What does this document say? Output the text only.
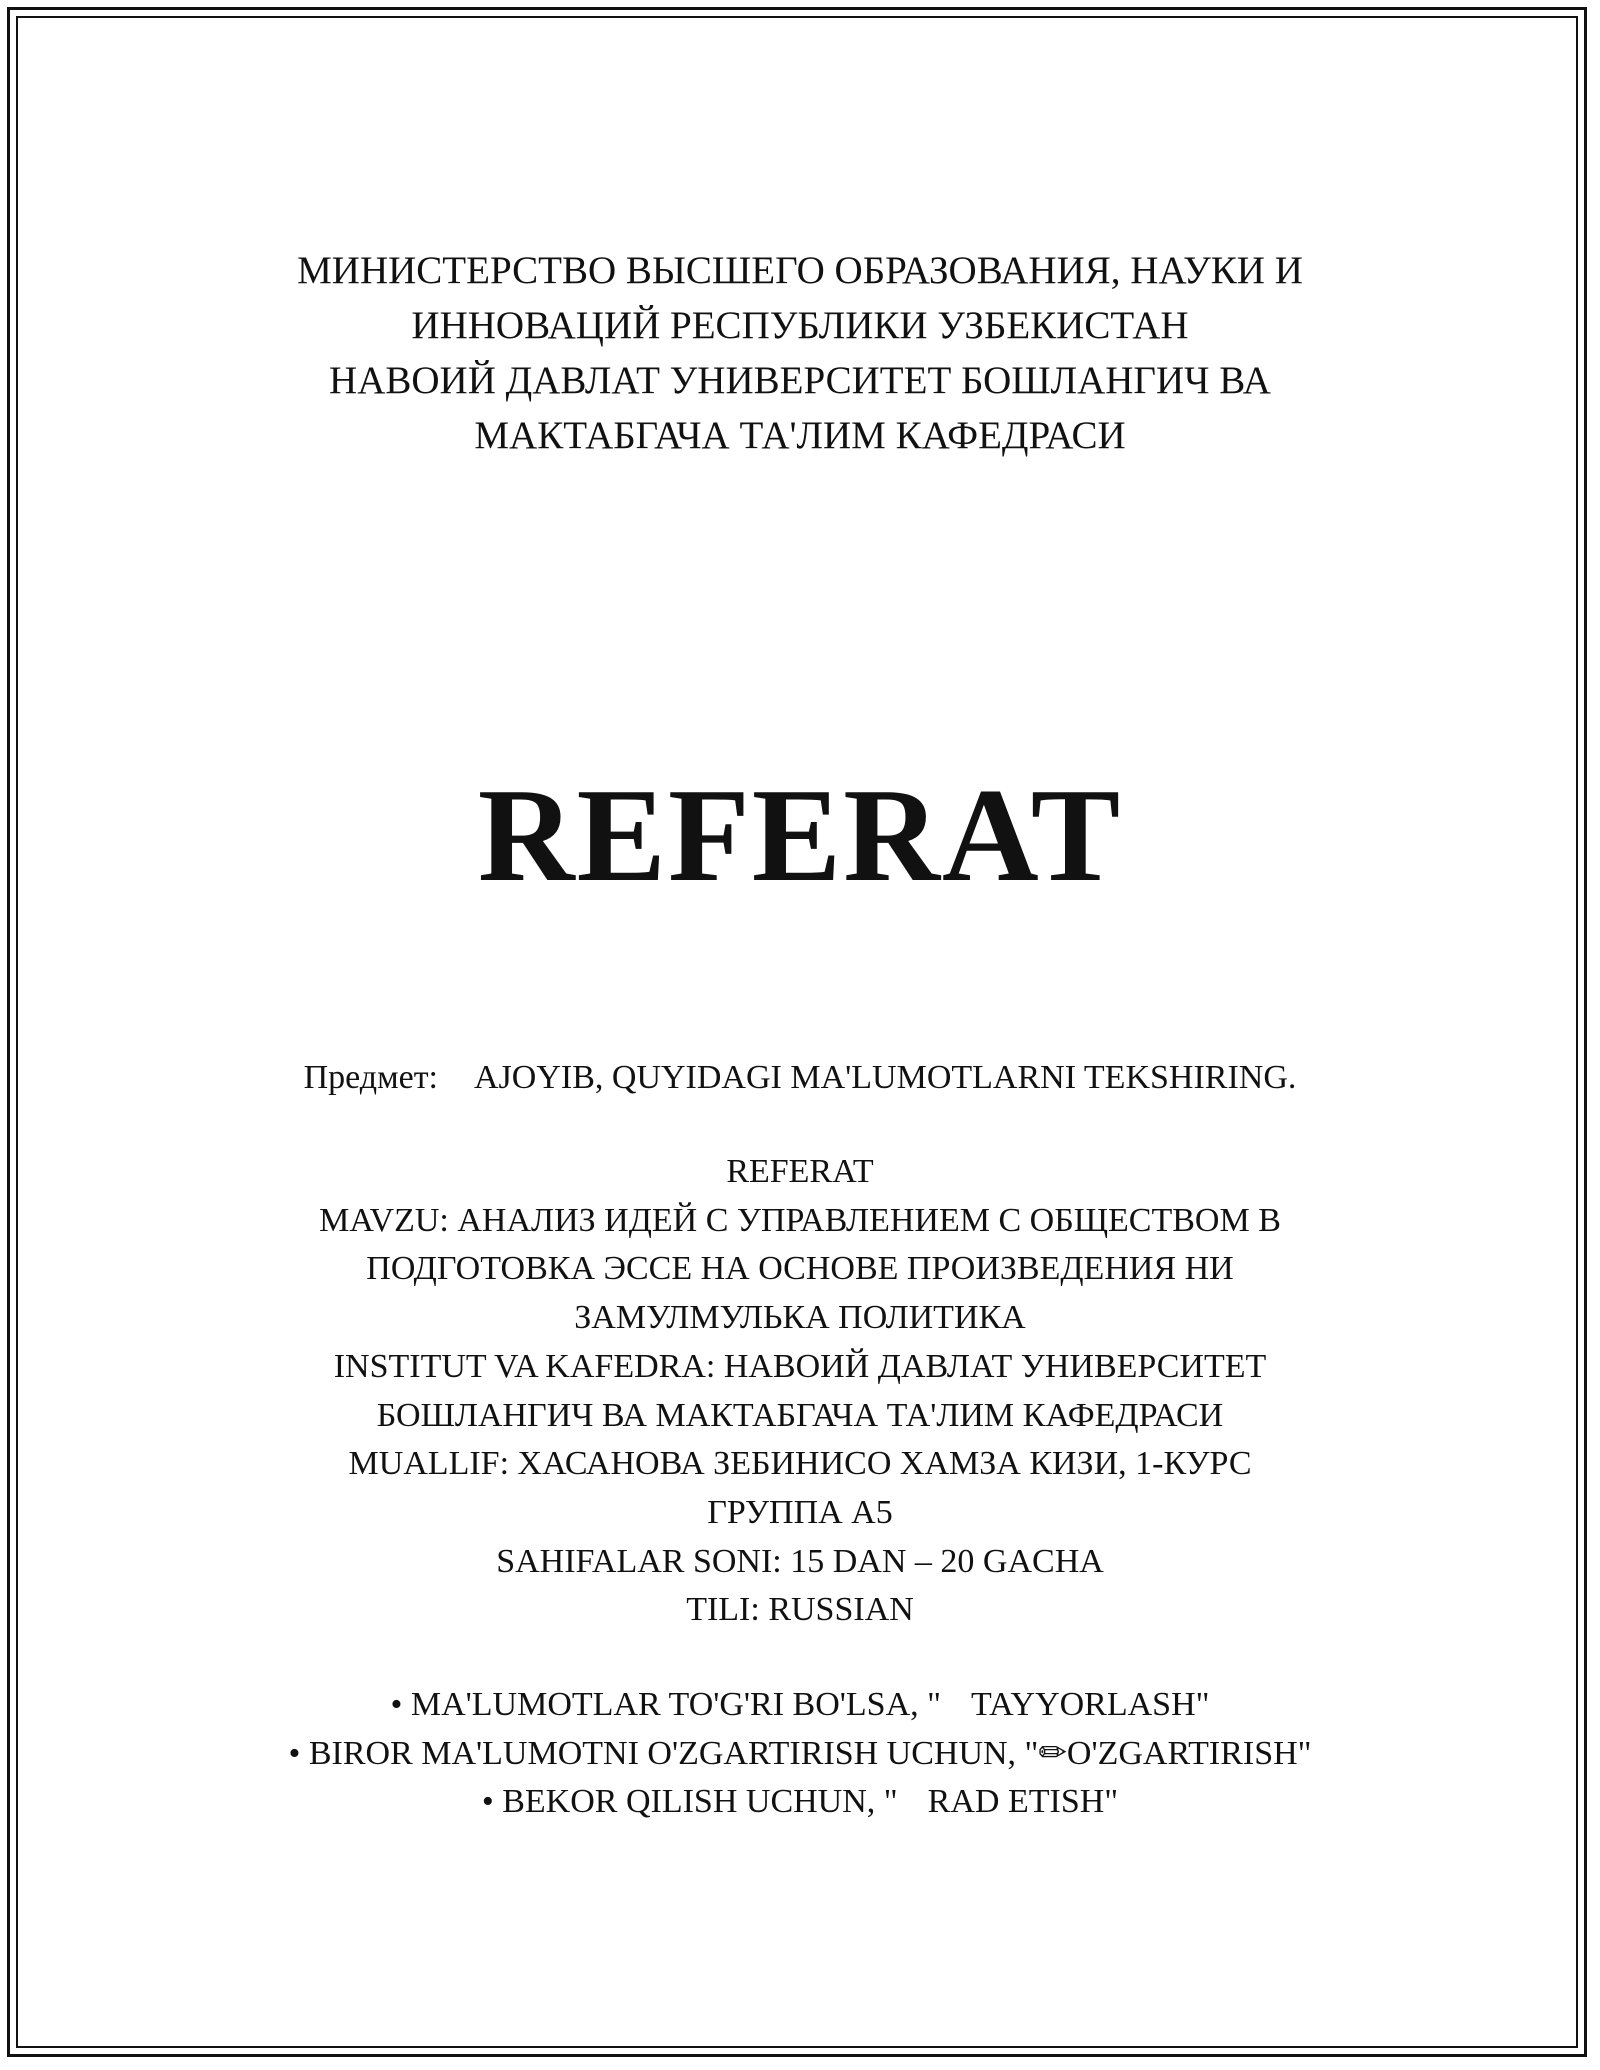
МИНИСТЕРСТВО ВЫСШЕГО ОБРАЗОВАНИЯ, НАУКИ И
ИННОВАЦИЙ РЕСПУБЛИКИ УЗБЕКИСТАН
НАВОИЙ ДАВЛАТ УНИВЕРСИТЕТ БОШЛАНГИЧ ВА
МАКТАБГАЧА ТА'ЛИМ КАФЕДРАСИ
REFERAT
Предмет: AJOYIB, QUYIDAGI MA'LUMOTLARNI TEKSHIRING.
REFERAT
MAVZU: АНАЛИЗ ИДЕЙ С УПРАВЛЕНИЕМ С ОБЩЕСТВОМ В
ПОДГОТОВКА ЭССЕ НА ОСНОВЕ ПРОИЗВЕДЕНИЯ НИ
ЗАМУЛМУЛЬКА ПОЛИТИКА
INSTITUT VA KAFEDRA: НАВОИЙ ДАВЛАТ УНИВЕРСИТЕТ
БОШЛАНГИЧ ВА МАКТАБГАЧА ТА'ЛИМ КАФЕДРАСИ
MUALLIF: ХАСАНОВА ЗЕБИНИСО ХАМЗА КИЗИ, 1-КУРС
ГРУППА А5
SAHIFALAR SONI: 15 DAN – 20 GACHA
TILI: RUSSIAN
• MA'LUMOTLAR TO'G'RI BO'LSA, " TAYYORLASH"
• BIROR MA'LUMOTNI O'ZGARTIRISH UCHUN, "✏O'ZGARTIRISH"
• BEKOR QILISH UCHUN, " RAD ETISH"
